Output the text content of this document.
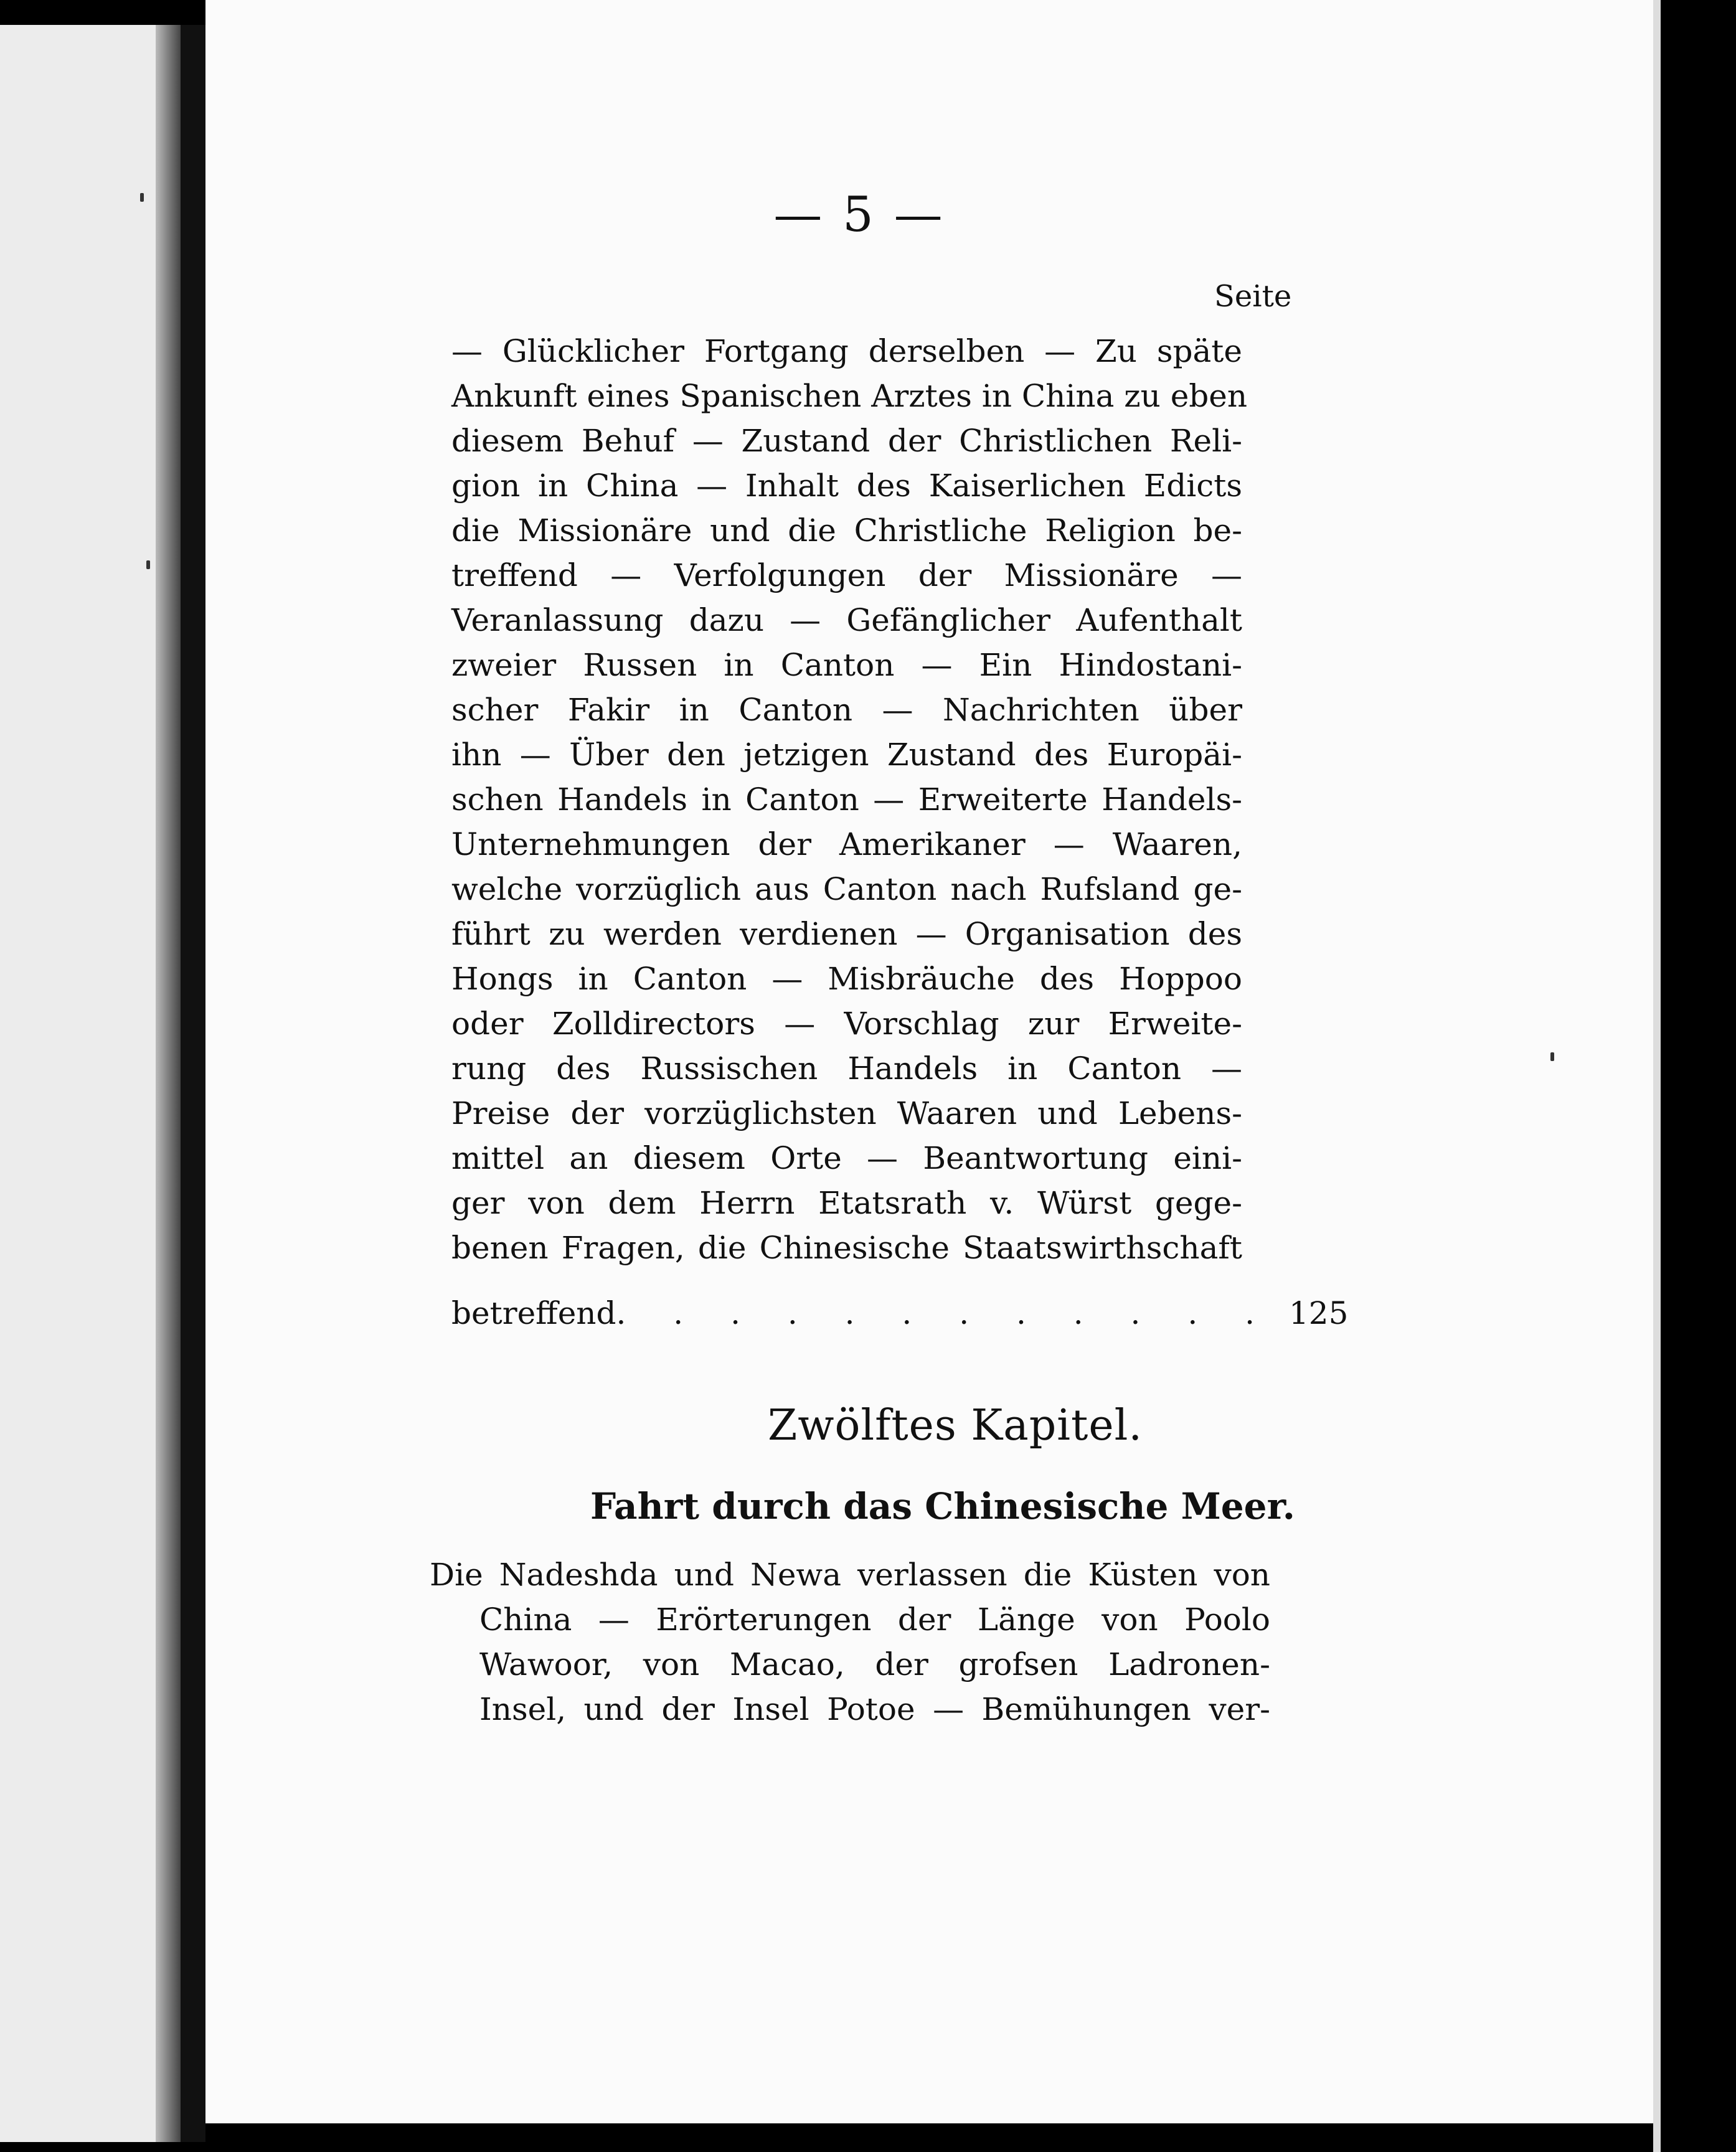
— 5 —
Seite
— Glücklicher Fortgang derselben — Zu späte
Ankunft eines Spanischen Arztes in China zu eben
diesem Behuf — Zustand der Christlichen Reli-
gion in China — Inhalt des Kaiserlichen Edicts
die Missionäre und die Christliche Religion be-
treffend — Verfolgungen der Missionäre —
Veranlassung dazu — Gefänglicher Aufenthalt
zweier Russen in Canton — Ein Hindostani-
scher Fakir in Canton — Nachrichten über
ihn — Über den jetzigen Zustand des Europäi-
schen Handels in Canton — Erweiterte Handels-
Unternehmungen der Amerikaner — Waaren,
welche vorzüglich aus Canton nach Rufsland ge-
führt zu werden verdienen — Organisation des
Hongs in Canton — Misbräuche des Hoppoo
oder Zolldirectors — Vorschlag zur Erweite-
rung des Russischen Handels in Canton —
Preise der vorzüglichsten Waaren und Lebens-
mittel an diesem Orte — Beantwortung eini-
ger von dem Herrn Etatsrath v. Würst gege-
benen Fragen, die Chinesische Staatswirthschaft
betreffend. . . . . . . . . . . . 125
Zwölftes Kapitel.
Fahrt durch das Chinesische Meer.
Die Nadeshda und Newa verlassen die Küsten von
China — Erörterungen der Länge von Poolo
Wawoor, von Macao, der grofsen Ladronen-
Insel, und der Insel Potoe — Bemühungen ver-
